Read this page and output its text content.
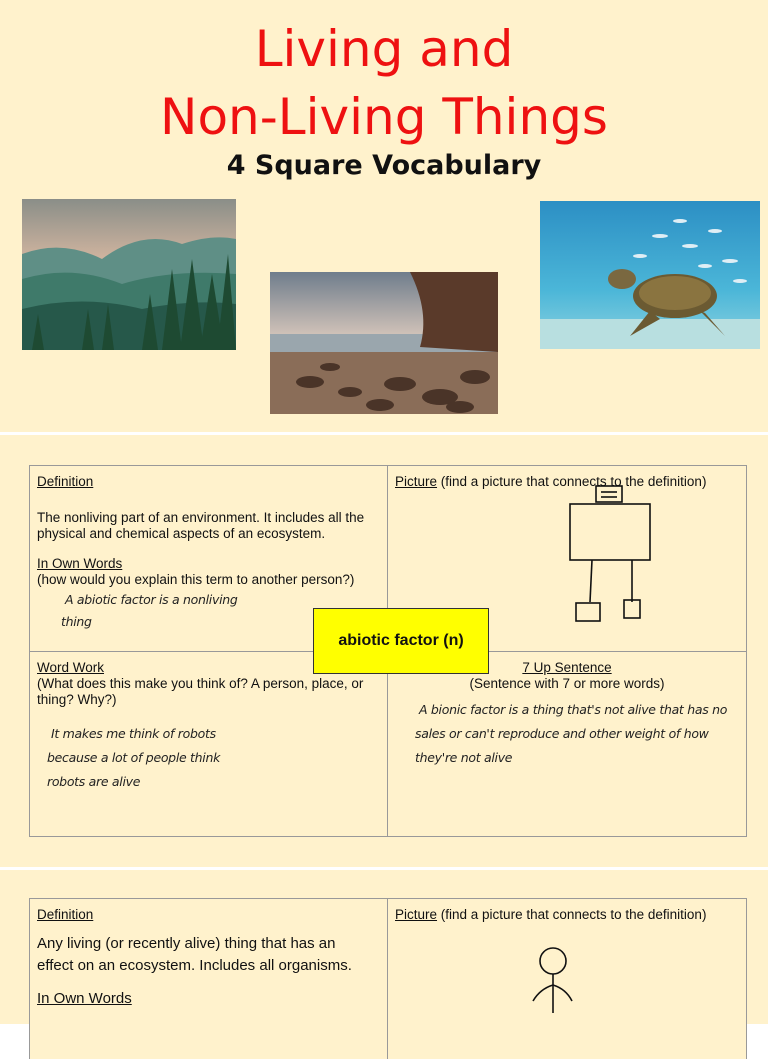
Living and
Non-Living Things
4 Square Vocabulary
Definition
The nonliving part of an environment. It includes all the physical and chemical aspects of an ecosystem.
In Own Words
(how would you explain this term to another person?)
A abiotic factor is a nonliving
thing
Picture (find a picture that connects to the definition)
Word Work
(What does this make you think of? A person, place, or thing? Why?)
It makes me think of robots
because a lot of people think
robots are alive
7 Up Sentence
(Sentence with 7 or more words)
A bionic factor is a thing that's not alive that has no
sales or can't reproduce and other weight of how
they're not alive
abiotic factor (n)
Definition
Any living (or recently alive) thing that has an effect on an ecosystem. Includes all organisms.
In Own Words
Picture (find a picture that connects to the definition)
